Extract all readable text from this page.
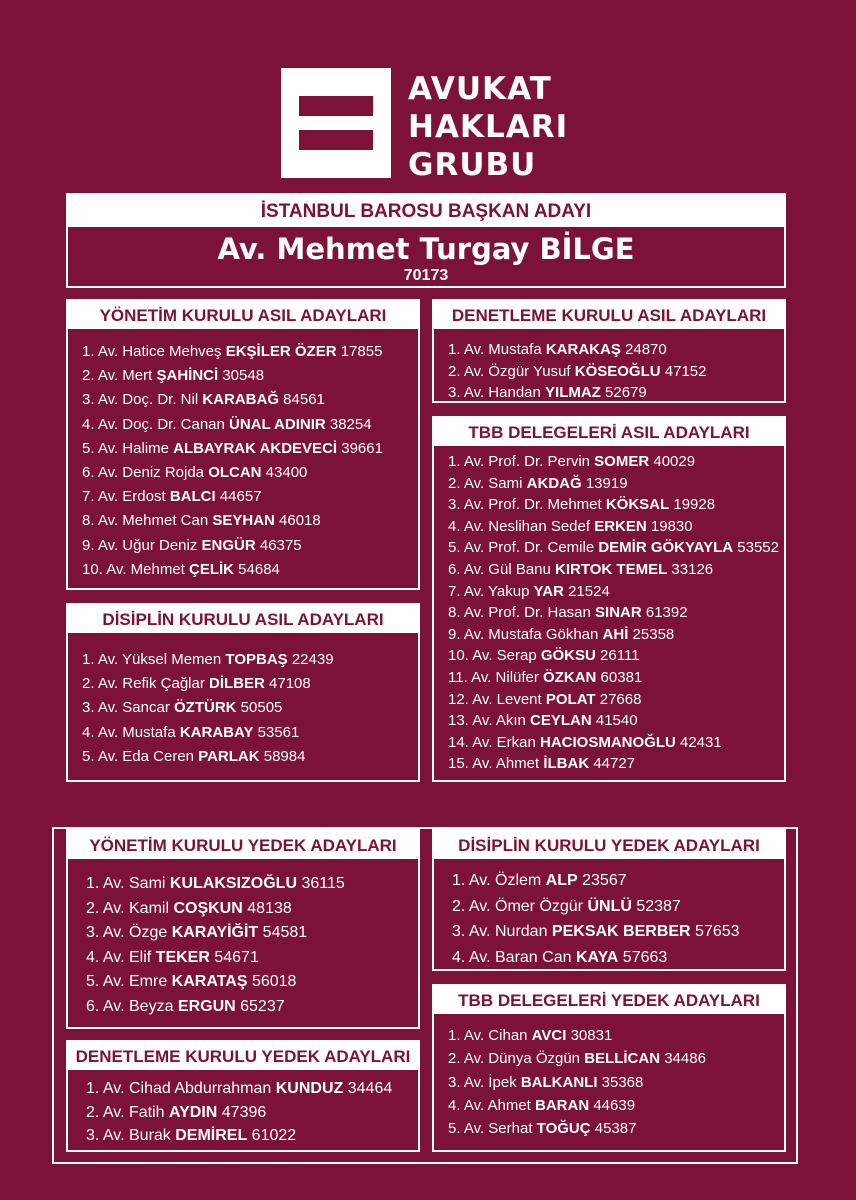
AVUKAT
HAKLARI
GRUBU
İSTANBUL BAROSU BAŞKAN ADAYI
Av. Mehmet Turgay BİLGE
70173
YÖNETİM KURULU ASIL ADAYLARI
1. Av. Hatice Mehveş EKŞİLER ÖZER 17855
2. Av. Mert ŞAHİNCİ 30548
3. Av. Doç. Dr. Nil KARABAĞ 84561
4. Av. Doç. Dr. Canan ÜNAL ADINIR 38254
5. Av. Halime ALBAYRAK AKDEVECİ 39661
6. Av. Deniz Rojda OLCAN 43400
7. Av. Erdost BALCI 44657
8. Av. Mehmet Can SEYHAN 46018
9. Av. Uğur Deniz ENGÜR 46375
10. Av. Mehmet ÇELİK 54684
DİSİPLİN KURULU ASIL ADAYLARI
1. Av. Yüksel Memen TOPBAŞ 22439
2. Av. Refik Çağlar DİLBER 47108
3. Av. Sancar ÖZTÜRK 50505
4. Av. Mustafa KARABAY 53561
5. Av. Eda Ceren PARLAK 58984
DENETLEME KURULU ASIL ADAYLARI
1. Av. Mustafa KARAKAŞ 24870
2. Av. Özgür Yusuf KÖSEOĞLU 47152
3. Av. Handan YILMAZ 52679
TBB DELEGELERİ ASIL ADAYLARI
1. Av. Prof. Dr. Pervin SOMER 40029
2. Av. Sami AKDAĞ 13919
3. Av. Prof. Dr. Mehmet KÖKSAL 19928
4. Av. Neslihan Sedef ERKEN 19830
5. Av. Prof. Dr. Cemile DEMİR GÖKYAYLA 53552
6. Av. Gül Banu KIRTOK TEMEL 33126
7. Av. Yakup YAR 21524
8. Av. Prof. Dr. Hasan SINAR 61392
9. Av. Mustafa Gökhan AHİ 25358
10. Av. Serap GÖKSU 26111
11. Av. Nilüfer ÖZKAN 60381
12. Av. Levent POLAT 27668
13. Av. Akın CEYLAN 41540
14. Av. Erkan HACIOSMANOĞLU 42431
15. Av. Ahmet İLBAK 44727
YÖNETİM KURULU YEDEK ADAYLARI
1. Av. Sami KULAKSIZOĞLU 36115
2. Av. Kamil COŞKUN 48138
3. Av. Özge KARAYİĞİT 54581
4. Av. Elif TEKER 54671
5. Av. Emre KARATAŞ 56018
6. Av. Beyza ERGUN 65237
DENETLEME KURULU YEDEK ADAYLARI
1. Av. Cihad Abdurrahman KUNDUZ 34464
2. Av. Fatih AYDIN 47396
3. Av. Burak DEMİREL 61022
DİSİPLİN KURULU YEDEK ADAYLARI
1. Av. Özlem ALP 23567
2. Av. Ömer Özgür ÜNLÜ 52387
3. Av. Nurdan PEKSAK BERBER 57653
4. Av. Baran Can KAYA 57663
TBB DELEGELERİ YEDEK ADAYLARI
1. Av. Cihan AVCI 30831
2. Av. Dünya Özgün BELLİCAN 34486
3. Av. İpek BALKANLI 35368
4. Av. Ahmet BARAN 44639
5. Av. Serhat TOĞUÇ 45387
